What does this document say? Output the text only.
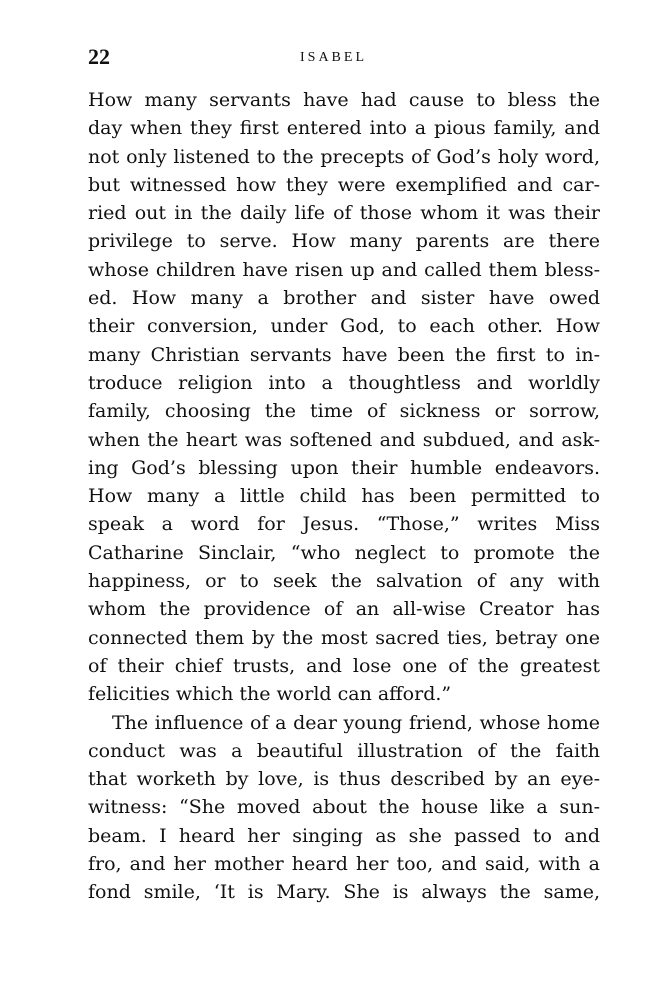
22	ISABEL
How many servants have had cause to bless the
day when they first entered into a pious family, and
not only listened to the precepts of God’s holy word,
but witnessed how they were exemplified and car-
ried out in the daily life of those whom it was their
privilege to serve. How many parents are there
whose children have risen up and called them bless-
ed. How many a brother and sister have owed
their conversion, under God, to each other. How
many Christian servants have been the first to in-
troduce religion into a thoughtless and worldly
family, choosing the time of sickness or sorrow,
when the heart was softened and subdued, and ask-
ing God’s blessing upon their humble endeavors.
How many a little child has been permitted to
speak a word for Jesus. “Those,” writes Miss
Catharine Sinclair, “who neglect to promote the
happiness, or to seek the salvation of any with
whom the providence of an all-wise Creator has
connected them by the most sacred ties, betray one
of their chief trusts, and lose one of the greatest
felicities which the world can afford.”
The influence of a dear young friend, whose home
conduct was a beautiful illustration of the faith
that worketh by love, is thus described by an eye-
witness: “She moved about the house like a sun-
beam. I heard her singing as she passed to and
fro, and her mother heard her too, and said, with a
fond smile, ‘It is Mary. She is always the same,
